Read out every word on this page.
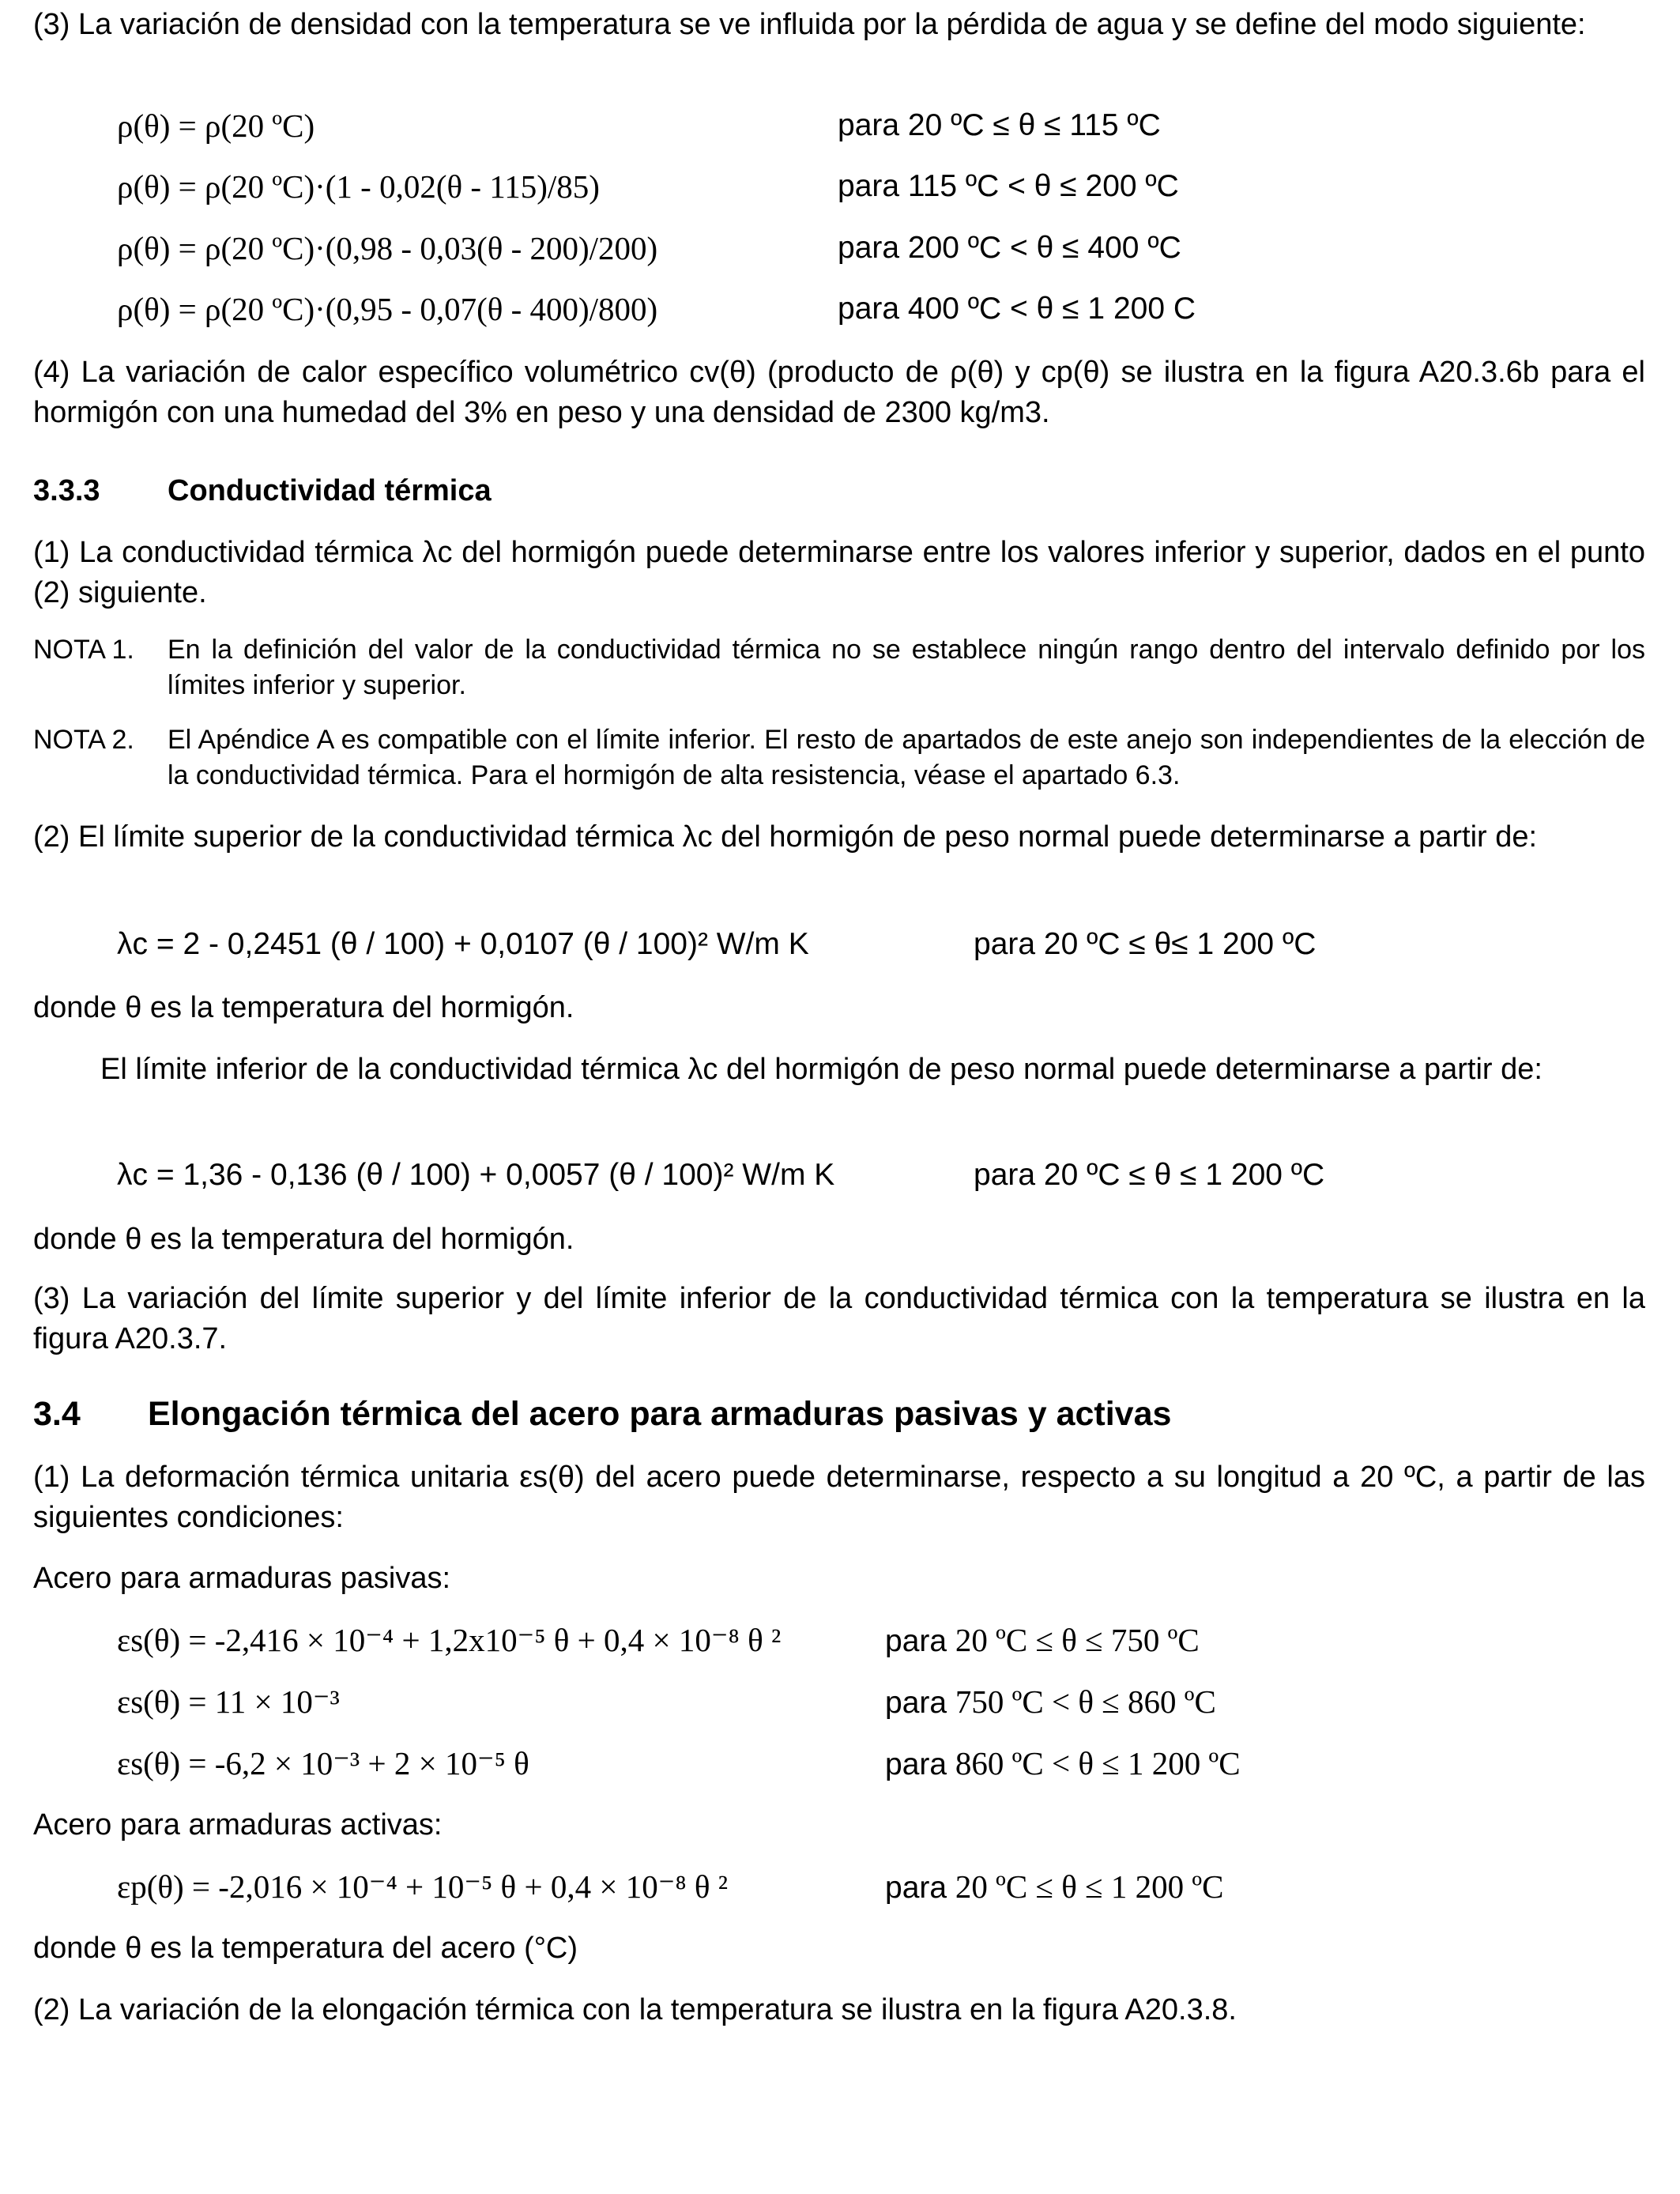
(3) La variación de densidad con la temperatura se ve influida por la pérdida de agua y se define del modo siguiente:
ρ(θ) = ρ(20 ºC)	para 20 ºC ≤ θ ≤ 115 ºC
ρ(θ) = ρ(20 ºC)·(1 - 0,02(θ - 115)/85)	para 115 ºC < θ ≤ 200 ºC
ρ(θ) = ρ(20 ºC)·(0,98 - 0,03(θ - 200)/200)	para 200 ºC < θ ≤ 400 ºC
ρ(θ) = ρ(20 ºC)·(0,95 - 0,07(θ - 400)/800)	para 400 ºC < θ ≤ 1 200 C
(4) La variación de calor específico volumétrico cv(θ) (producto de ρ(θ) y cp(θ) se ilustra en la figura A20.3.6b para el hormigón con una humedad del 3% en peso y una densidad de 2300 kg/m3.
3.3.3 Conductividad térmica
(1) La conductividad térmica λc del hormigón puede determinarse entre los valores inferior y superior, dados en el punto (2) siguiente.
NOTA 1. En la definición del valor de la conductividad térmica no se establece ningún rango dentro del intervalo definido por los límites inferior y superior.
NOTA 2. El Apéndice A es compatible con el límite inferior. El resto de apartados de este anejo son independientes de la elección de la conductividad térmica. Para el hormigón de alta resistencia, véase el apartado 6.3.
(2) El límite superior de la conductividad térmica λc del hormigón de peso normal puede determinarse a partir de:
λc = 2 - 0,2451 (θ / 100) + 0,0107 (θ / 100)² W/m K	para 20 ºC ≤ θ≤ 1 200 ºC
donde θ es la temperatura del hormigón.
El límite inferior de la conductividad térmica λc del hormigón de peso normal puede determinarse a partir de:
λc = 1,36 - 0,136 (θ / 100) + 0,0057 (θ / 100)² W/m K	para 20 ºC ≤ θ ≤ 1 200 ºC
donde θ es la temperatura del hormigón.
(3) La variación del límite superior y del límite inferior de la conductividad térmica con la temperatura se ilustra en la figura A20.3.7.
3.4 Elongación térmica del acero para armaduras pasivas y activas
(1) La deformación térmica unitaria εs(θ) del acero puede determinarse, respecto a su longitud a 20 ºC, a partir de las siguientes condiciones:
Acero para armaduras pasivas:
εs(θ) = -2,416 × 10⁻⁴ + 1,2x10⁻⁵ θ + 0,4 × 10⁻⁸ θ ²	para 20 ºC ≤ θ ≤ 750 ºC
εs(θ) = 11 × 10⁻³	para 750 ºC < θ ≤ 860 ºC
εs(θ) = -6,2 × 10⁻³ + 2 × 10⁻⁵ θ	para 860 ºC < θ ≤ 1 200 ºC
Acero para armaduras activas:
εp(θ) = -2,016 × 10⁻⁴ + 10⁻⁵ θ + 0,4 × 10⁻⁸ θ ²	para 20 ºC ≤ θ ≤ 1 200 ºC
donde θ es la temperatura del acero (°C)
(2) La variación de la elongación térmica con la temperatura se ilustra en la figura A20.3.8.
